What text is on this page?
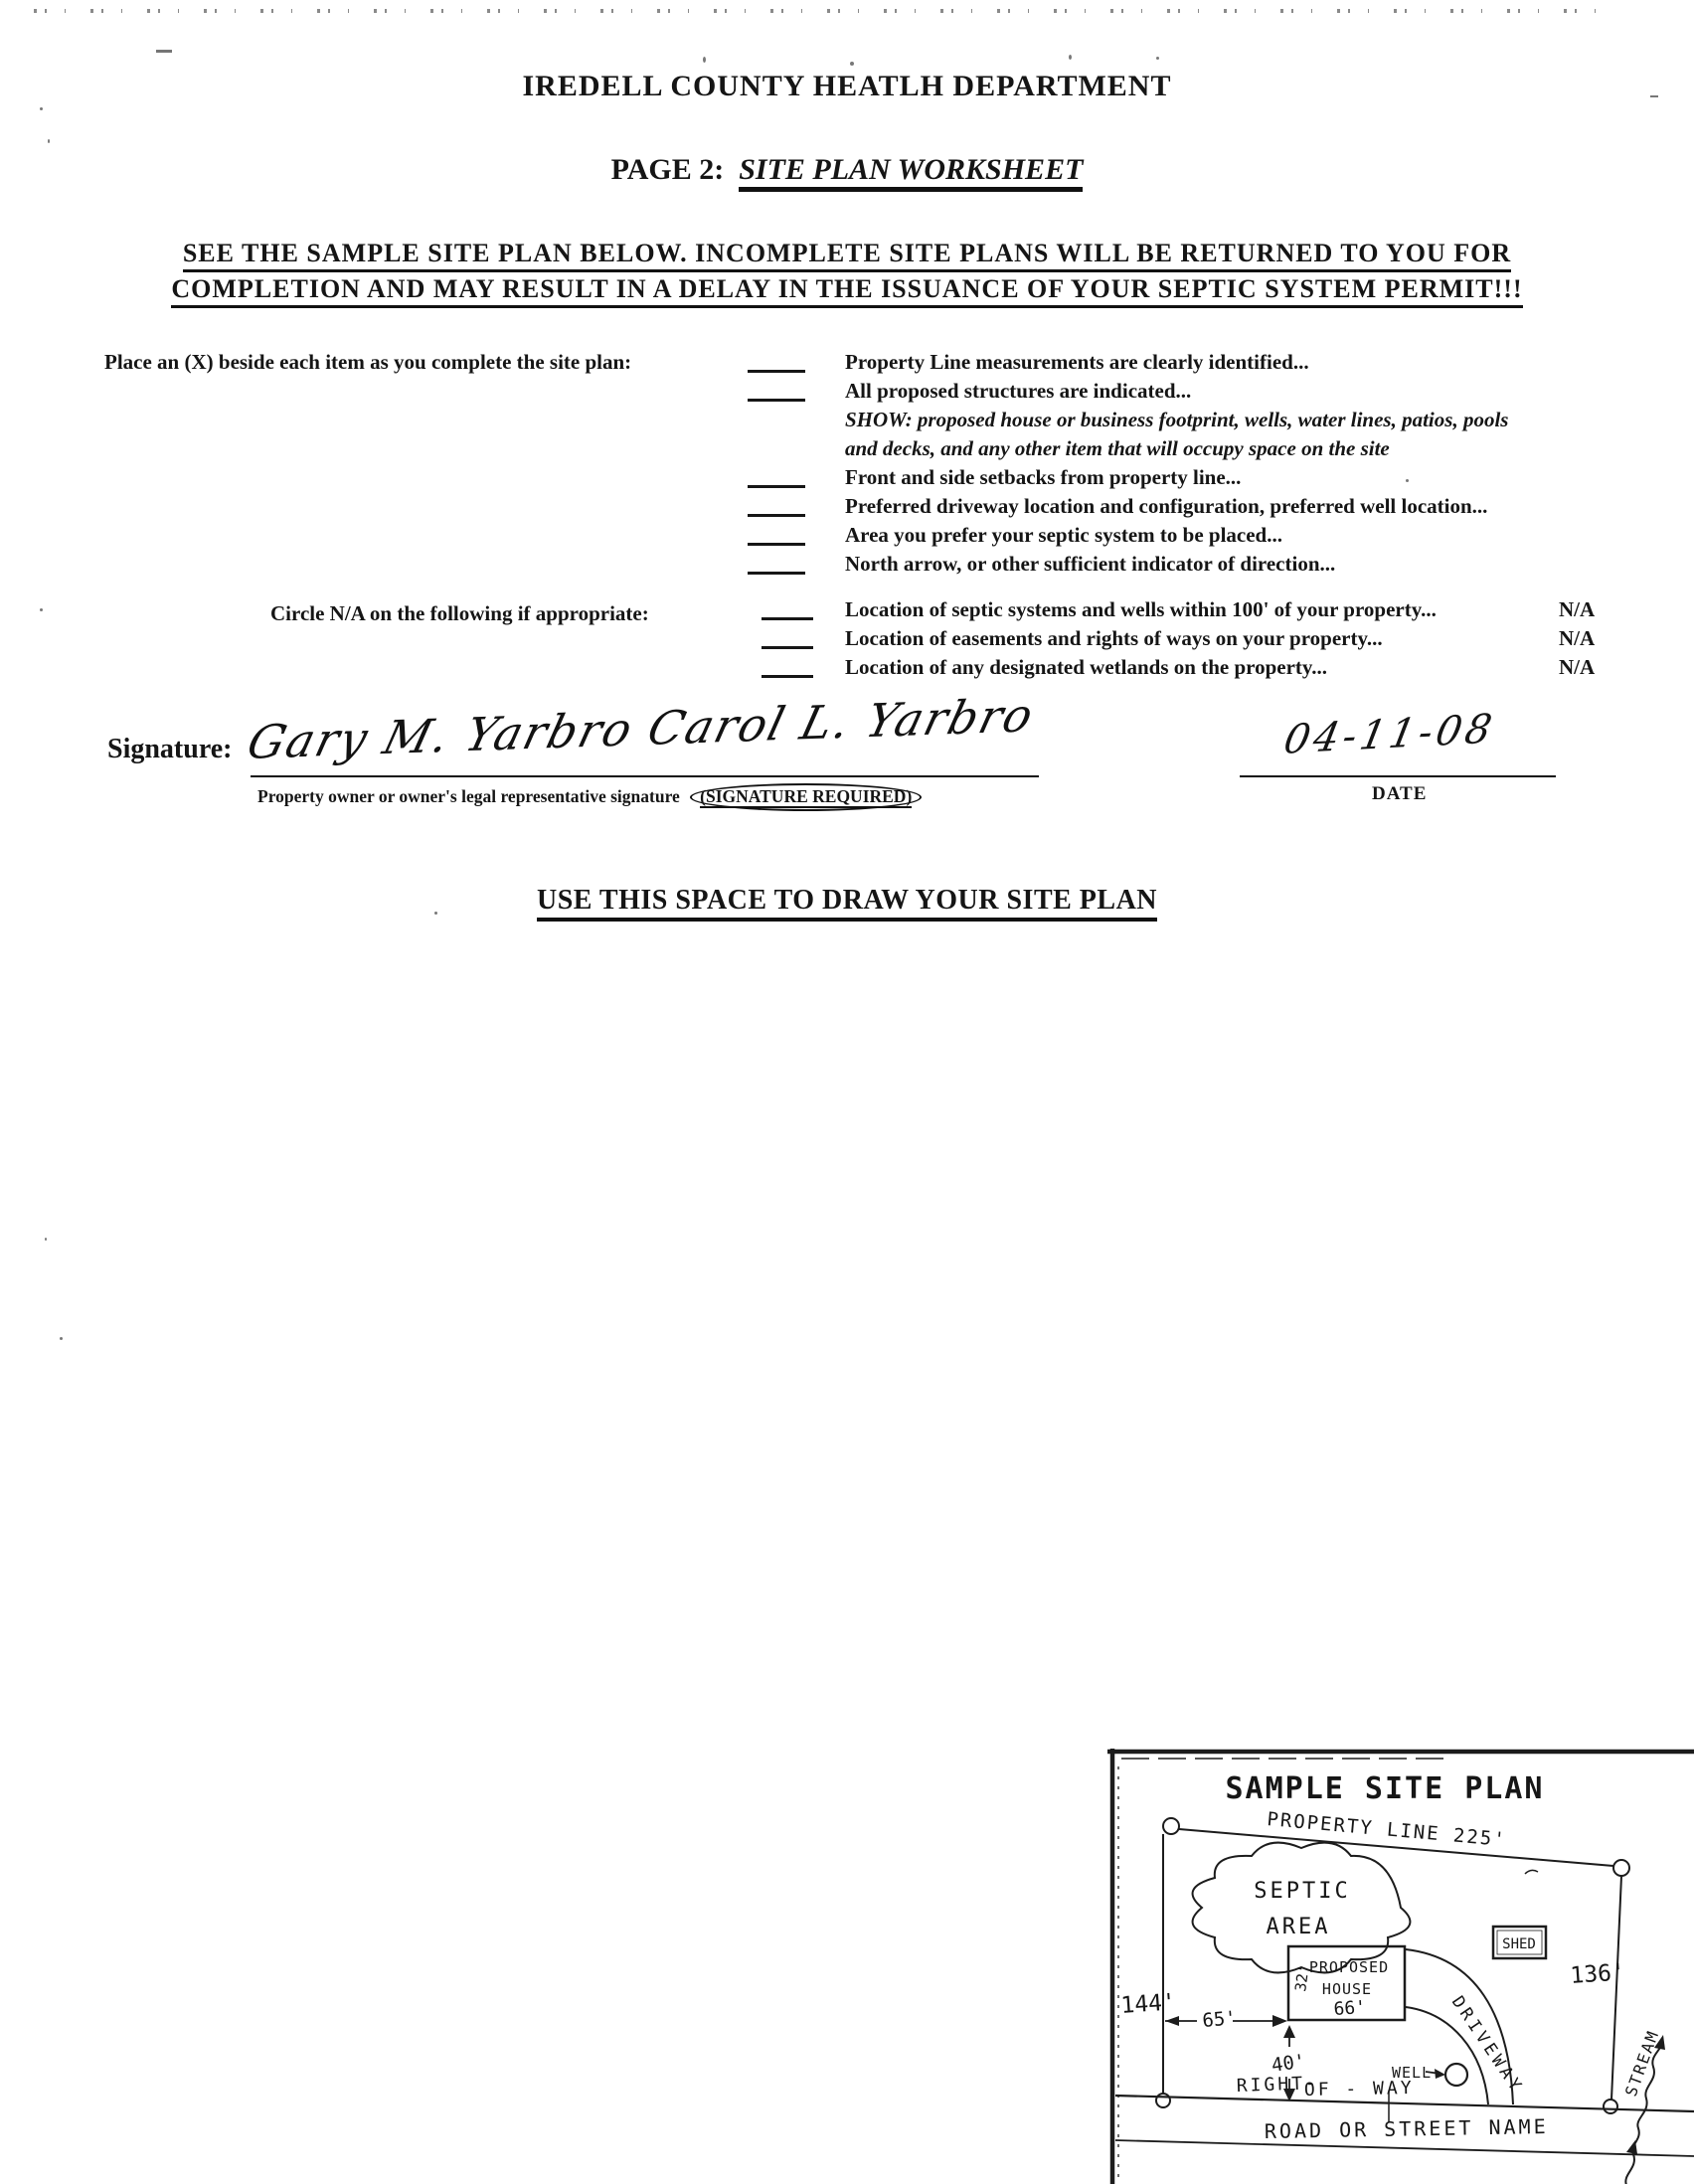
IREDELL COUNTY HEATLH DEPARTMENT
PAGE 2: SITE PLAN WORKSHEET
SEE THE SAMPLE SITE PLAN BELOW. INCOMPLETE SITE PLANS WILL BE RETURNED TO YOU FOR
COMPLETION AND MAY RESULT IN A DELAY IN THE ISSUANCE OF YOUR SEPTIC SYSTEM PERMIT!!!
Place an (X) beside each item as you complete the site plan:	Property Line measurements are clearly identified...
All proposed structures are indicated...
SHOW: proposed house or business footprint, wells, water lines, patios, pools
and decks, and any other item that will occupy space on the site
Front and side setbacks from property line...
Preferred driveway location and configuration, preferred well location...
Area you prefer your septic system to be placed...
North arrow, or other sufficient indicator of direction...
Circle N/A on the following if appropriate:	Location of septic systems and wells within 100' of your property...	N/A
Location of easements and rights of ways on your property...	N/A
Location of any designated wetlands on the property...	N/A
Signature: Gary M. Yarbro Carol L. Yarbro
Property owner or owner's legal representative signature (SIGNATURE REQUIRED)
04-11-08
DATE
USE THIS SPACE TO DRAW YOUR SITE PLAN
SAMPLE SITE PLAN
PROPERTY LINE 225'
SEPTIC
AREA
144'
136'
PROPOSED
HOUSE
66'
32'
SHED
65'
40'	DRIVEWAY
WELL
RIGHT-
OF - WAY
ROAD OR STREET NAME
STREAM
